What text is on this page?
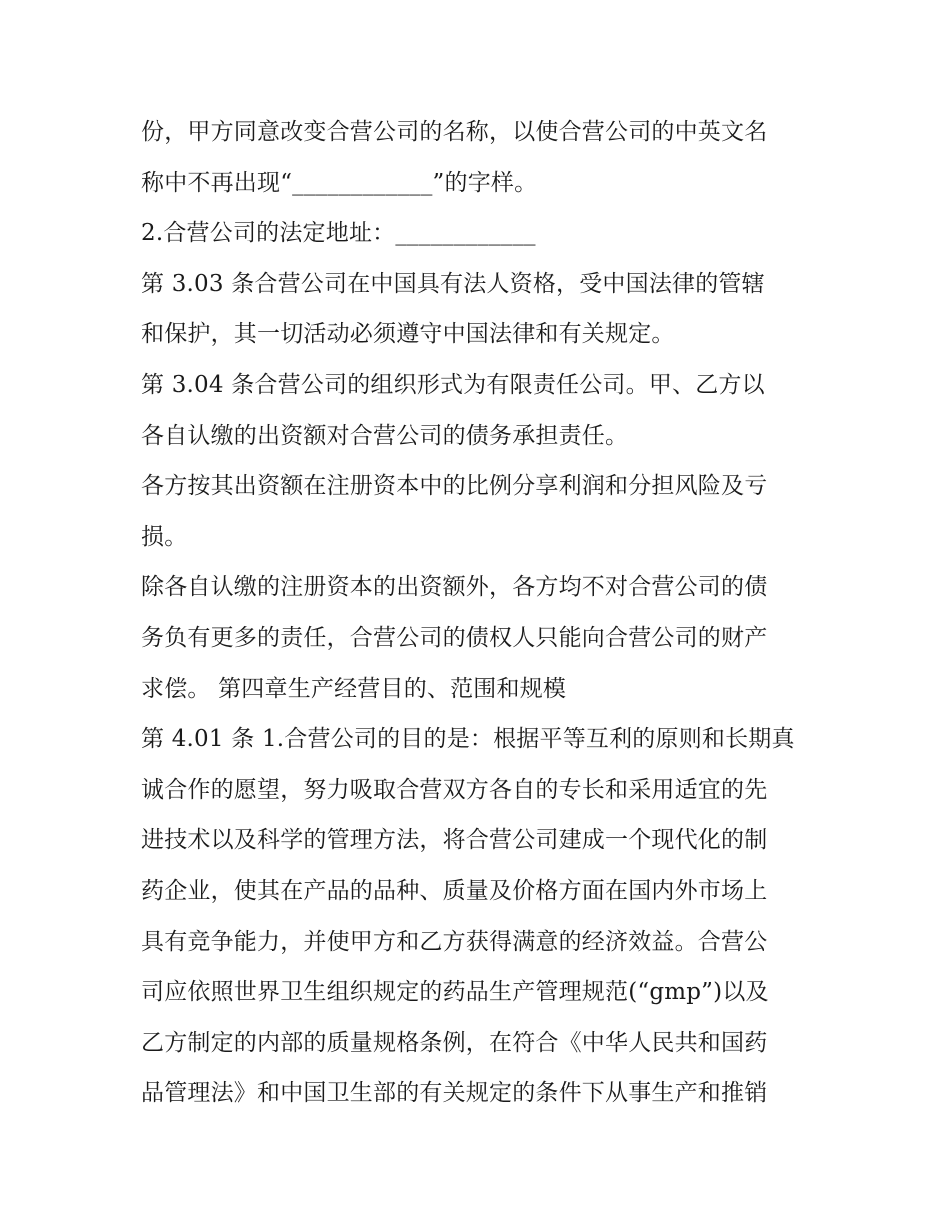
份，甲方同意改变合营公司的名称，以使合营公司的中英文名
称中不再出现“____________”的字样。
2.合营公司的法定地址：____________
第 3.03 条合营公司在中国具有法人资格，受中国法律的管辖
和保护，其一切活动必须遵守中国法律和有关规定。
第 3.04 条合营公司的组织形式为有限责任公司。甲、乙方以
各自认缴的出资额对合营公司的债务承担责任。
各方按其出资额在注册资本中的比例分享利润和分担风险及亏
损。
除各自认缴的注册资本的出资额外，各方均不对合营公司的债
务负有更多的责任，合营公司的债权人只能向合营公司的财产
求偿。 第四章生产经营目的、范围和规模
第 4.01 条 1.合营公司的目的是：根据平等互利的原则和长期真
诚合作的愿望，努力吸取合营双方各自的专长和采用适宜的先
进技术以及科学的管理方法，将合营公司建成一个现代化的制
药企业，使其在产品的品种、质量及价格方面在国内外市场上
具有竞争能力，并使甲方和乙方获得满意的经济效益。合营公
司应依照世界卫生组织规定的药品生产管理规范(“gmp”)以及
乙方制定的内部的质量规格条例，在符合《中华人民共和国药
品管理法》和中国卫生部的有关规定的条件下从事生产和推销
